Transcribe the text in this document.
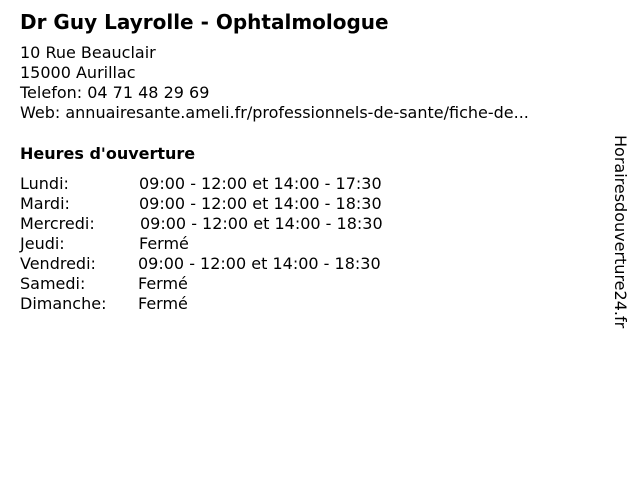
Dr Guy Layrolle - Ophtalmologue
10 Rue Beauclair
15000 Aurillac
Telefon: 04 71 48 29 69
Web: annuairesante.ameli.fr/professionnels-de-sante/fiche-de...
Heures d'ouverture
Lundi:	09:00 - 12:00 et 14:00 - 17:30
Mardi:	09:00 - 12:00 et 14:00 - 18:30
Mercredi:	09:00 - 12:00 et 14:00 - 18:30
Jeudi:	Fermé
Vendredi:	09:00 - 12:00 et 14:00 - 18:30
Samedi:	Fermé
Dimanche: Fermé	Horairesdouverture24.fr
